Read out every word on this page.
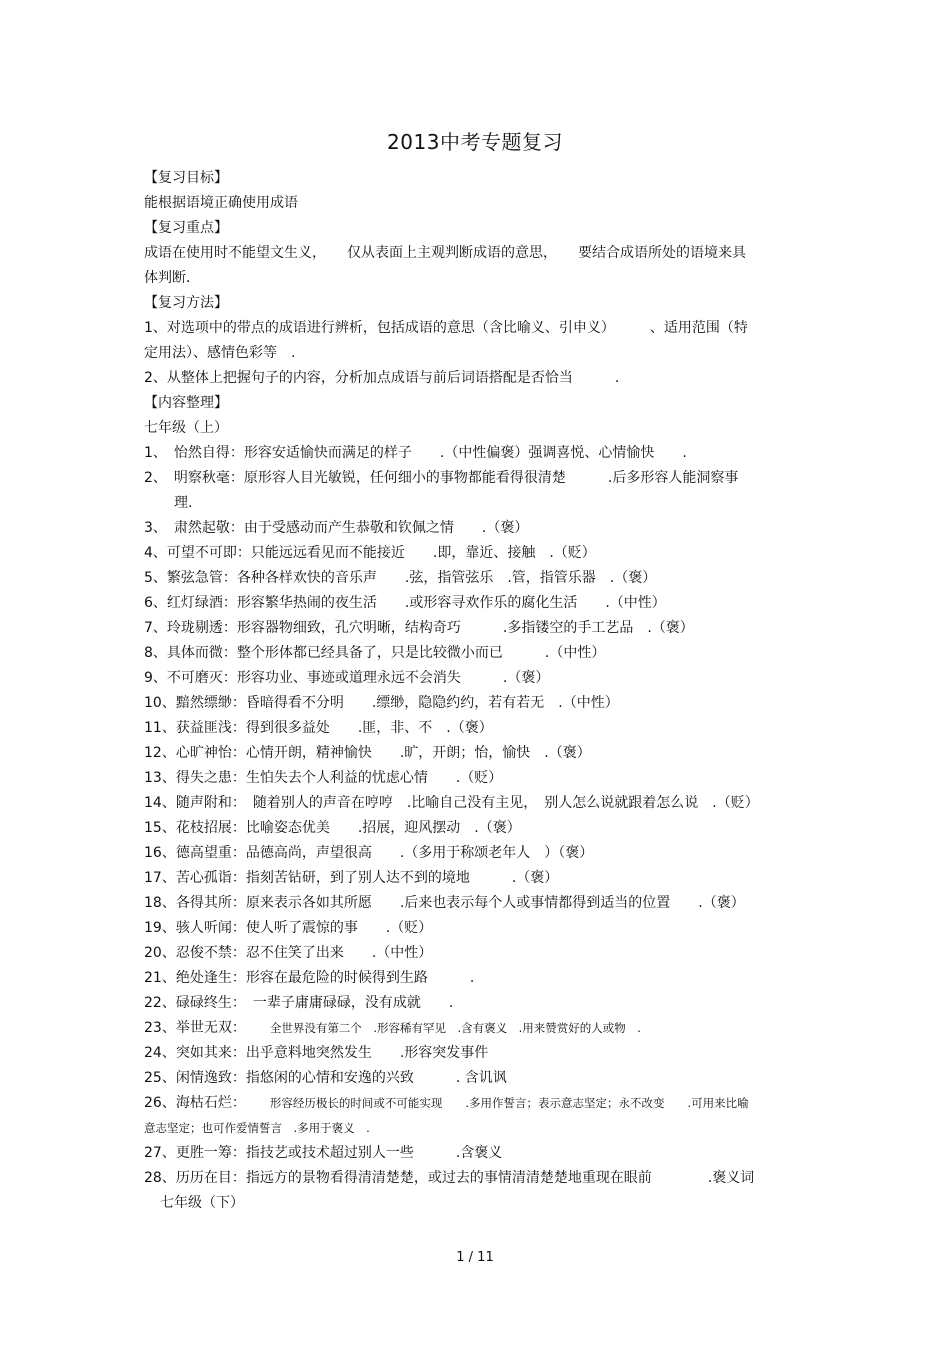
2013中考专题复习
【复习目标】
能根据语境正确使用成语
【复习重点】
成语在使用时不能望文生义，　　仅从表面上主观判断成语的意思，　　要结合成语所处的语境来具
体判断．
【复习方法】
1、对选项中的带点的成语进行辨析，包括成语的意思（含比喻义、引申义）　　　、适用范围（特
定用法）、感情色彩等　.
2、从整体上把握句子的内容，分析加点成语与前后词语搭配是否恰当　　　.
【内容整理】
七年级（上）
1、　怡然自得：形容安适愉快而满足的样子　　.（中性偏褒）强调喜悦、心情愉快　　.
2、　明察秋毫：原形容人目光敏锐，任何细小的事物都能看得很清楚　　　.后多形容人能洞察事
理.
3、　肃然起敬：由于受感动而产生恭敬和钦佩之情　　.（褒）
4、可望不可即：只能远远看见而不能接近　　.即，靠近、接触　.（贬）
5、繁弦急管：各种各样欢快的音乐声　　.弦，指管弦乐　.管，指管乐器　.（褒）
6、红灯绿酒：形容繁华热闹的夜生活　　.或形容寻欢作乐的腐化生活　　.（中性）
7、玲珑剔透：形容器物细致，孔穴明晰，结构奇巧　　　.多指镂空的手工艺品　.（褒）
8、具体而微：整个形体都已经具备了，只是比较微小而已　　　.（中性）
9、不可磨灭：形容功业、事迹或道理永远不会消失　　　.（褒）
10、黯然缥缈：昏暗得看不分明　　.缥缈，隐隐约约，若有若无　.（中性）
11、获益匪浅：得到很多益处　　.匪，非、不　.（褒）
12、心旷神怡：心情开朗，精神愉快　　.旷，开朗；怡，愉快　.（褒）
13、得失之患：生怕失去个人利益的忧虑心情　　.（贬）
14、随声附和：　随着别人的声音在哼哼　.比喻自己没有主见，　别人怎么说就跟着怎么说　.（贬）
15、花枝招展：比喻姿态优美　　.招展，迎风摆动　.（褒）
16、德高望重：品德高尚，声望很高　　.（多用于称颂老年人　）（褒）
17、苦心孤诣：指刻苦钻研，到了别人达不到的境地　　　.（褒）
18、各得其所：原来表示各如其所愿　　.后来也表示每个人或事情都得到适当的位置　　.（褒）
19、骇人听闻：使人听了震惊的事　　.（贬）
20、忍俊不禁：忍不住笑了出来　　.（中性）
21、绝处逢生：形容在最危险的时候得到生路　　　.
22、碌碌终生：　一辈子庸庸碌碌，没有成就　　.
23、举世无双： 全世界没有第二个　.形容稀有罕见　.含有褒义　.用来赞赏好的人或物　.
24、突如其来：出乎意料地突然发生　　.形容突发事件
25、闲情逸致：指悠闲的心情和安逸的兴致　　　. 含讥讽
26、海枯石烂： 形容经历极长的时间或不可能实现　　.多用作誓言；表示意志坚定；永不改变　　.可用来比喻
意志坚定；也可作爱情誓言　.多用于褒义　.
27、更胜一筹：指技艺或技术超过别人一些　　　.含褒义
28、历历在目：指远方的景物看得清清楚楚，或过去的事情清清楚楚地重现在眼前　　　　.褒义词
七年级（下）
1 / 11
